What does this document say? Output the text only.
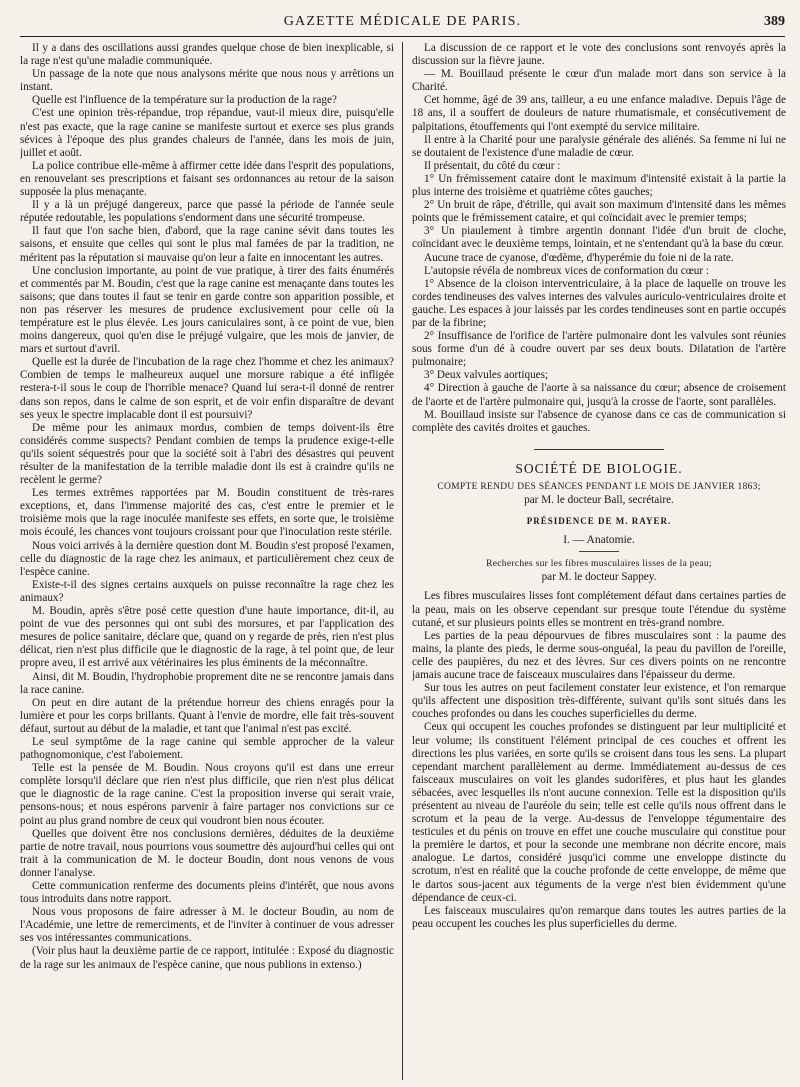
GAZETTE MÉDICALE DE PARIS.	389

Il y a dans des oscillations aussi grandes quelque chose de bien inexplicable, si la rage n'est qu'une maladie communiquée.

Un passage de la note que nous analysons mérite que nous nous y arrêtions un instant.

Quelle est l'influence de la température sur la production de la rage?

C'est une opinion très-répandue, trop répandue, vaut-il mieux dire, puisqu'elle n'est pas exacte, que la rage canine se manifeste surtout et exerce ses plus grands sévices à l'époque des plus grandes chaleurs de l'année, dans les mois de juin, juillet et août.

La police contribue elle-même à affirmer cette idée dans l'esprit des populations, en renouvelant ses prescriptions et faisant ses ordonnances au retour de la saison supposée la plus menaçante.

Il y a là un préjugé dangereux, parce que passé la période de l'année seule réputée redoutable, les populations s'endorment dans une sécurité trompeuse.

Il faut que l'on sache bien, d'abord, que la rage canine sévit dans toutes les saisons, et ensuite que celles qui sont le plus mal famées de par la tradition, ne méritent pas la réputation si mauvaise qu'on leur a faite en innocentant les autres.

Une conclusion importante, au point de vue pratique, à tirer des faits énumérés et commentés par M. Boudin, c'est que la rage canine est menaçante dans toutes les saisons; que dans toutes il faut se tenir en garde contre son apparition possible, et non pas réserver les mesures de prudence exclusivement pour celle où la température est le plus élevée. Les jours caniculaires sont, à ce point de vue, bien moins dangereux, quoi qu'en dise le préjugé vulgaire, que les mois de janvier, de mars et surtout d'avril.

Quelle est la durée de l'incubation de la rage chez l'homme et chez les animaux? Combien de temps le malheureux auquel une morsure rabique a été infligée restera-t-il sous le coup de l'horrible menace? Quand lui sera-t-il donné de rentrer dans son repos, dans le calme de son esprit, et de voir enfin disparaître de devant ses yeux le spectre implacable dont il est poursuivi?

De même pour les animaux mordus, combien de temps doivent-ils être considérés comme suspects? Pendant combien de temps la prudence exige-t-elle qu'ils soient séquestrés pour que la société soit à l'abri des désastres qui peuvent résulter de la manifestation de la terrible maladie dont ils est à craindre qu'ils ne recèlent le germe?

Les termes extrêmes rapportées par M. Boudin constituent de très-rares exceptions, et, dans l'immense majorité des cas, c'est entre le premier et le troisième mois que la rage inoculée manifeste ses effets, en sorte que, le troisième mois écoulé, les chances vont toujours croissant pour que l'inoculation reste stérile.

Nous voici arrivés à la dernière question dont M. Boudin s'est proposé l'examen, celle du diagnostic de la rage chez les animaux, et particulièrement chez ceux de l'espèce canine.

Existe-t-il des signes certains auxquels on puisse reconnaître la rage chez les animaux?

M. Boudin, après s'être posé cette question d'une haute importance, dit-il, au point de vue des personnes qui ont subi des morsures, et par l'application des mesures de police sanitaire, déclare que, quand on y regarde de près, rien n'est plus délicat, rien n'est plus difficile que le diagnostic de la rage, à tel point que, de leur propre aveu, il est arrivé aux vétérinaires les plus éminents de la méconnaître.

Ainsi, dit M. Boudin, l'hydrophobie proprement dite ne se rencontre jamais dans la race canine.

On peut en dire autant de la prétendue horreur des chiens enragés pour la lumière et pour les corps brillants. Quant à l'envie de mordre, elle fait très-souvent défaut, surtout au début de la maladie, et tant que l'animal n'est pas excité.

Le seul symptôme de la rage canine qui semble approcher de la valeur pathognomonique, c'est l'aboiement.

Telle est la pensée de M. Boudin. Nous croyons qu'il est dans une erreur complète lorsqu'il déclare que rien n'est plus difficile, que rien n'est plus délicat que le diagnostic de la rage canine. C'est la proposition inverse qui serait vraie, pensons-nous; et nous espérons parvenir à faire partager nos convictions sur ce point au plus grand nombre de ceux qui voudront bien nous écouter.

Quelles que doivent être nos conclusions dernières, déduites de la deuxième partie de notre travail, nous pourrions vous soumettre dès aujourd'hui celles qui ont trait à la communication de M. le docteur Boudin, dont nous venons de vous donner l'analyse.

Cette communication renferme des documents pleins d'intérêt, que nous avons tous introduits dans notre rapport.

Nous vous proposons de faire adresser à M. le docteur Boudin, au nom de l'Académie, une lettre de remerciments, et de l'inviter à continuer de vous adresser ses vos intéressantes communications.

(Voir plus haut la deuxième partie de ce rapport, intitulée : Exposé du diagnostic de la rage sur les animaux de l'espèce canine, que nous publions in extenso.)

La discussion de ce rapport et le vote des conclusions sont renvoyés après la discussion sur la fièvre jaune.

— M. Bouillaud présente le cœur d'un malade mort dans son service à la Charité.

Cet homme, âgé de 39 ans, tailleur, a eu une enfance maladive. Depuis l'âge de 18 ans, il a souffert de douleurs de nature rhumatismale, et consécutivement de palpitations, étouffements qui l'ont exempté du service militaire.

Il entre à la Charité pour une paralysie générale des aliénés. Sa femme ni lui ne se doutaient de l'existence d'une maladie de cœur.

Il présentait, du côté du cœur :

1° Un frémissement cataire dont le maximum d'intensité existait à la partie la plus interne des troisième et quatrième côtes gauches;

2° Un bruit de râpe, d'étrille, qui avait son maximum d'intensité dans les mêmes points que le frémissement cataire, et qui coïncidait avec le premier temps;

3° Un piaulement à timbre argentin donnant l'idée d'un bruit de cloche, coïncidant avec le deuxième temps, lointain, et ne s'entendant qu'à la base du cœur.

Aucune trace de cyanose, d'œdème, d'hyperémie du foie ni de la rate.

L'autopsie révéla de nombreux vices de conformation du cœur :

1° Absence de la cloison interventriculaire, à la place de laquelle on trouve les cordes tendineuses des valves internes des valvules auriculo-ventriculaires droite et gauche. Les espaces à jour laissés par les cordes tendineuses sont en partie occupés par de la fibrine;

2° Insuffisance de l'orifice de l'artère pulmonaire dont les valvules sont réunies sous forme d'un dé à coudre ouvert par ses deux bouts. Dilatation de l'artère pulmonaire;

3° Deux valvules aortiques;

4° Direction à gauche de l'aorte à sa naissance du cœur; absence de croisement de l'aorte et de l'artère pulmonaire qui, jusqu'à la crosse de l'aorte, sont parallèles.

M. Bouillaud insiste sur l'absence de cyanose dans ce cas de communication si complète des cavités droites et gauches.

SOCIÉTÉ DE BIOLOGIE.

COMPTE RENDU DES SÉANCES PENDANT LE MOIS DE JANVIER 1863;

par M. le docteur Ball, secrétaire.

PRÉSIDENCE DE M. RAYER.

I. — Anatomie.

Recherches sur les fibres musculaires lisses de la peau;

par M. le docteur Sappey.

Les fibres musculaires lisses font complétement défaut dans certaines parties de la peau, mais on les observe cependant sur presque toute l'étendue du système cutané, et sur plusieurs points elles se montrent en très-grand nombre.

Les parties de la peau dépourvues de fibres musculaires sont : la paume des mains, la plante des pieds, le derme sous-onguéal, la peau du pavillon de l'oreille, celle des paupières, du nez et des lèvres. Sur ces divers points on ne rencontre jamais aucune trace de faisceaux musculaires dans l'épaisseur du derme.

Sur tous les autres on peut facilement constater leur existence, et l'on remarque qu'ils affectent une disposition très-différente, suivant qu'ils sont situés dans les couches profondes ou dans les couches superficielles du derme.

Ceux qui occupent les couches profondes se distinguent par leur multiplicité et leur volume; ils constituent l'élément principal de ces couches et offrent les directions les plus variées, en sorte qu'ils se croisent dans tous les sens. La plupart cependant marchent parallèlement au derme. Immédiatement au-dessus de ces faisceaux musculaires on voit les glandes sudorifères, et plus haut les glandes sébacées, avec lesquelles ils n'ont aucune connexion. Telle est la disposition qu'ils présentent au niveau de l'auréole du sein; telle est celle qu'ils nous offrent dans le scrotum et la peau de la verge. Au-dessus de l'enveloppe tégumentaire des testicules et du pénis on trouve en effet une couche musculaire qui constitue pour la première le dartos, et pour la seconde une membrane non décrite encore, mais analogue. Le dartos, considéré jusqu'ici comme une enveloppe distincte du scrotum, n'est en réalité que la couche profonde de cette enveloppe, de même que le dartos sous-jacent aux téguments de la verge n'est bien évidemment qu'une dépendance de ceux-ci.

Les faisceaux musculaires qu'on remarque dans toutes les autres parties de la peau occupent les couches les plus superficielles du derme.
